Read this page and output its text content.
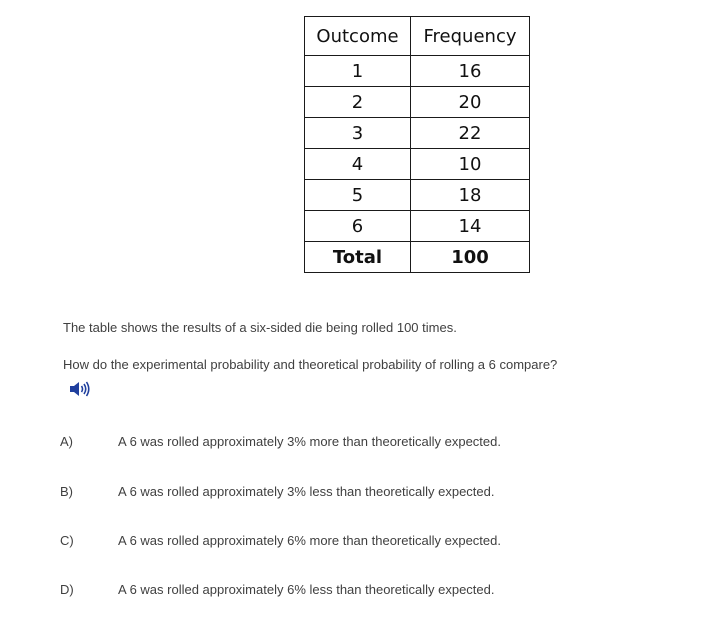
Outcome	Frequency
1	16
2	20
3	22
4	10
5	18
6	14
Total	100

The table shows the results of a six-sided die being rolled 100 times.

How do the experimental probability and theoretical probability of rolling a 6 compare?

A)	A 6 was rolled approximately 3% more than theoretically expected.
B)	A 6 was rolled approximately 3% less than theoretically expected.
C)	A 6 was rolled approximately 6% more than theoretically expected.
D)	A 6 was rolled approximately 6% less than theoretically expected.
